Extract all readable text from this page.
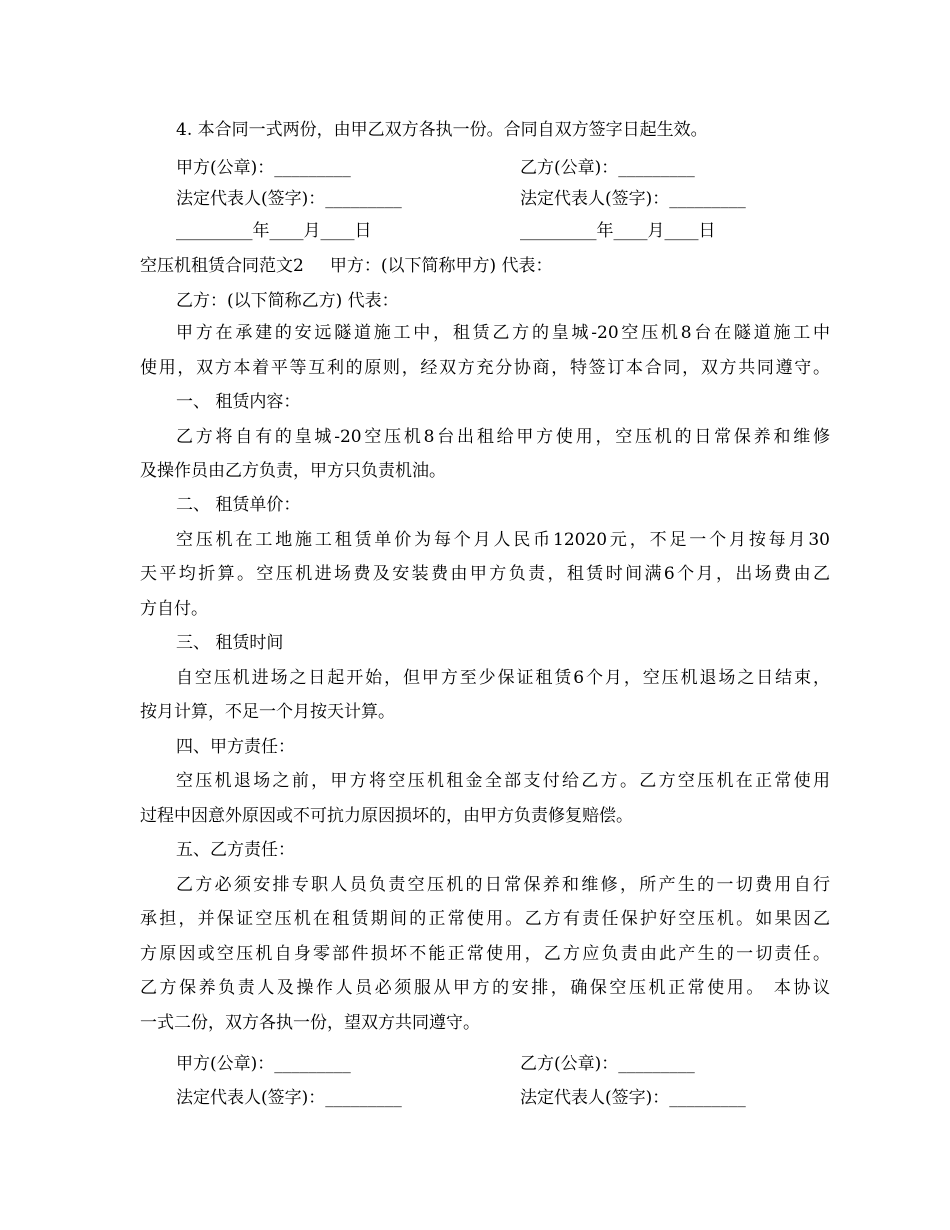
4. 本合同一式两份，由甲乙双方各执一份。合同自双方签字日起生效。
甲方(公章)：_________	乙方(公章)：_________
法定代表人(签字)：_________	法定代表人(签字)：_________
_________年____月____日	_________年____月____日
空压机租赁合同范文2 甲方：(以下简称甲方) 代表：
乙方：(以下简称乙方) 代表：
甲方在承建的安远隧道施工中，租赁乙方的皇城-20空压机8台在隧道施工中
使用，双方本着平等互利的原则，经双方充分协商，特签订本合同，双方共同遵守。
一、 租赁内容：
乙方将自有的皇城-20空压机8台出租给甲方使用，空压机的日常保养和维修
及操作员由乙方负责，甲方只负责机油。
二、 租赁单价：
空压机在工地施工租赁单价为每个月人民币12020元，不足一个月按每月30
天平均折算。空压机进场费及安装费由甲方负责，租赁时间满6个月，出场费由乙
方自付。
三、 租赁时间
自空压机进场之日起开始，但甲方至少保证租赁6个月，空压机退场之日结束，
按月计算，不足一个月按天计算。
四、甲方责任：
空压机退场之前，甲方将空压机租金全部支付给乙方。乙方空压机在正常使用
过程中因意外原因或不可抗力原因损坏的，由甲方负责修复赔偿。
五、乙方责任：
乙方必须安排专职人员负责空压机的日常保养和维修，所产生的一切费用自行
承担，并保证空压机在租赁期间的正常使用。乙方有责任保护好空压机。如果因乙
方原因或空压机自身零部件损坏不能正常使用，乙方应负责由此产生的一切责任。
乙方保养负责人及操作人员必须服从甲方的安排，确保空压机正常使用。 本协议
一式二份，双方各执一份，望双方共同遵守。
甲方(公章)：_________	乙方(公章)：_________
法定代表人(签字)：_________	法定代表人(签字)：_________
